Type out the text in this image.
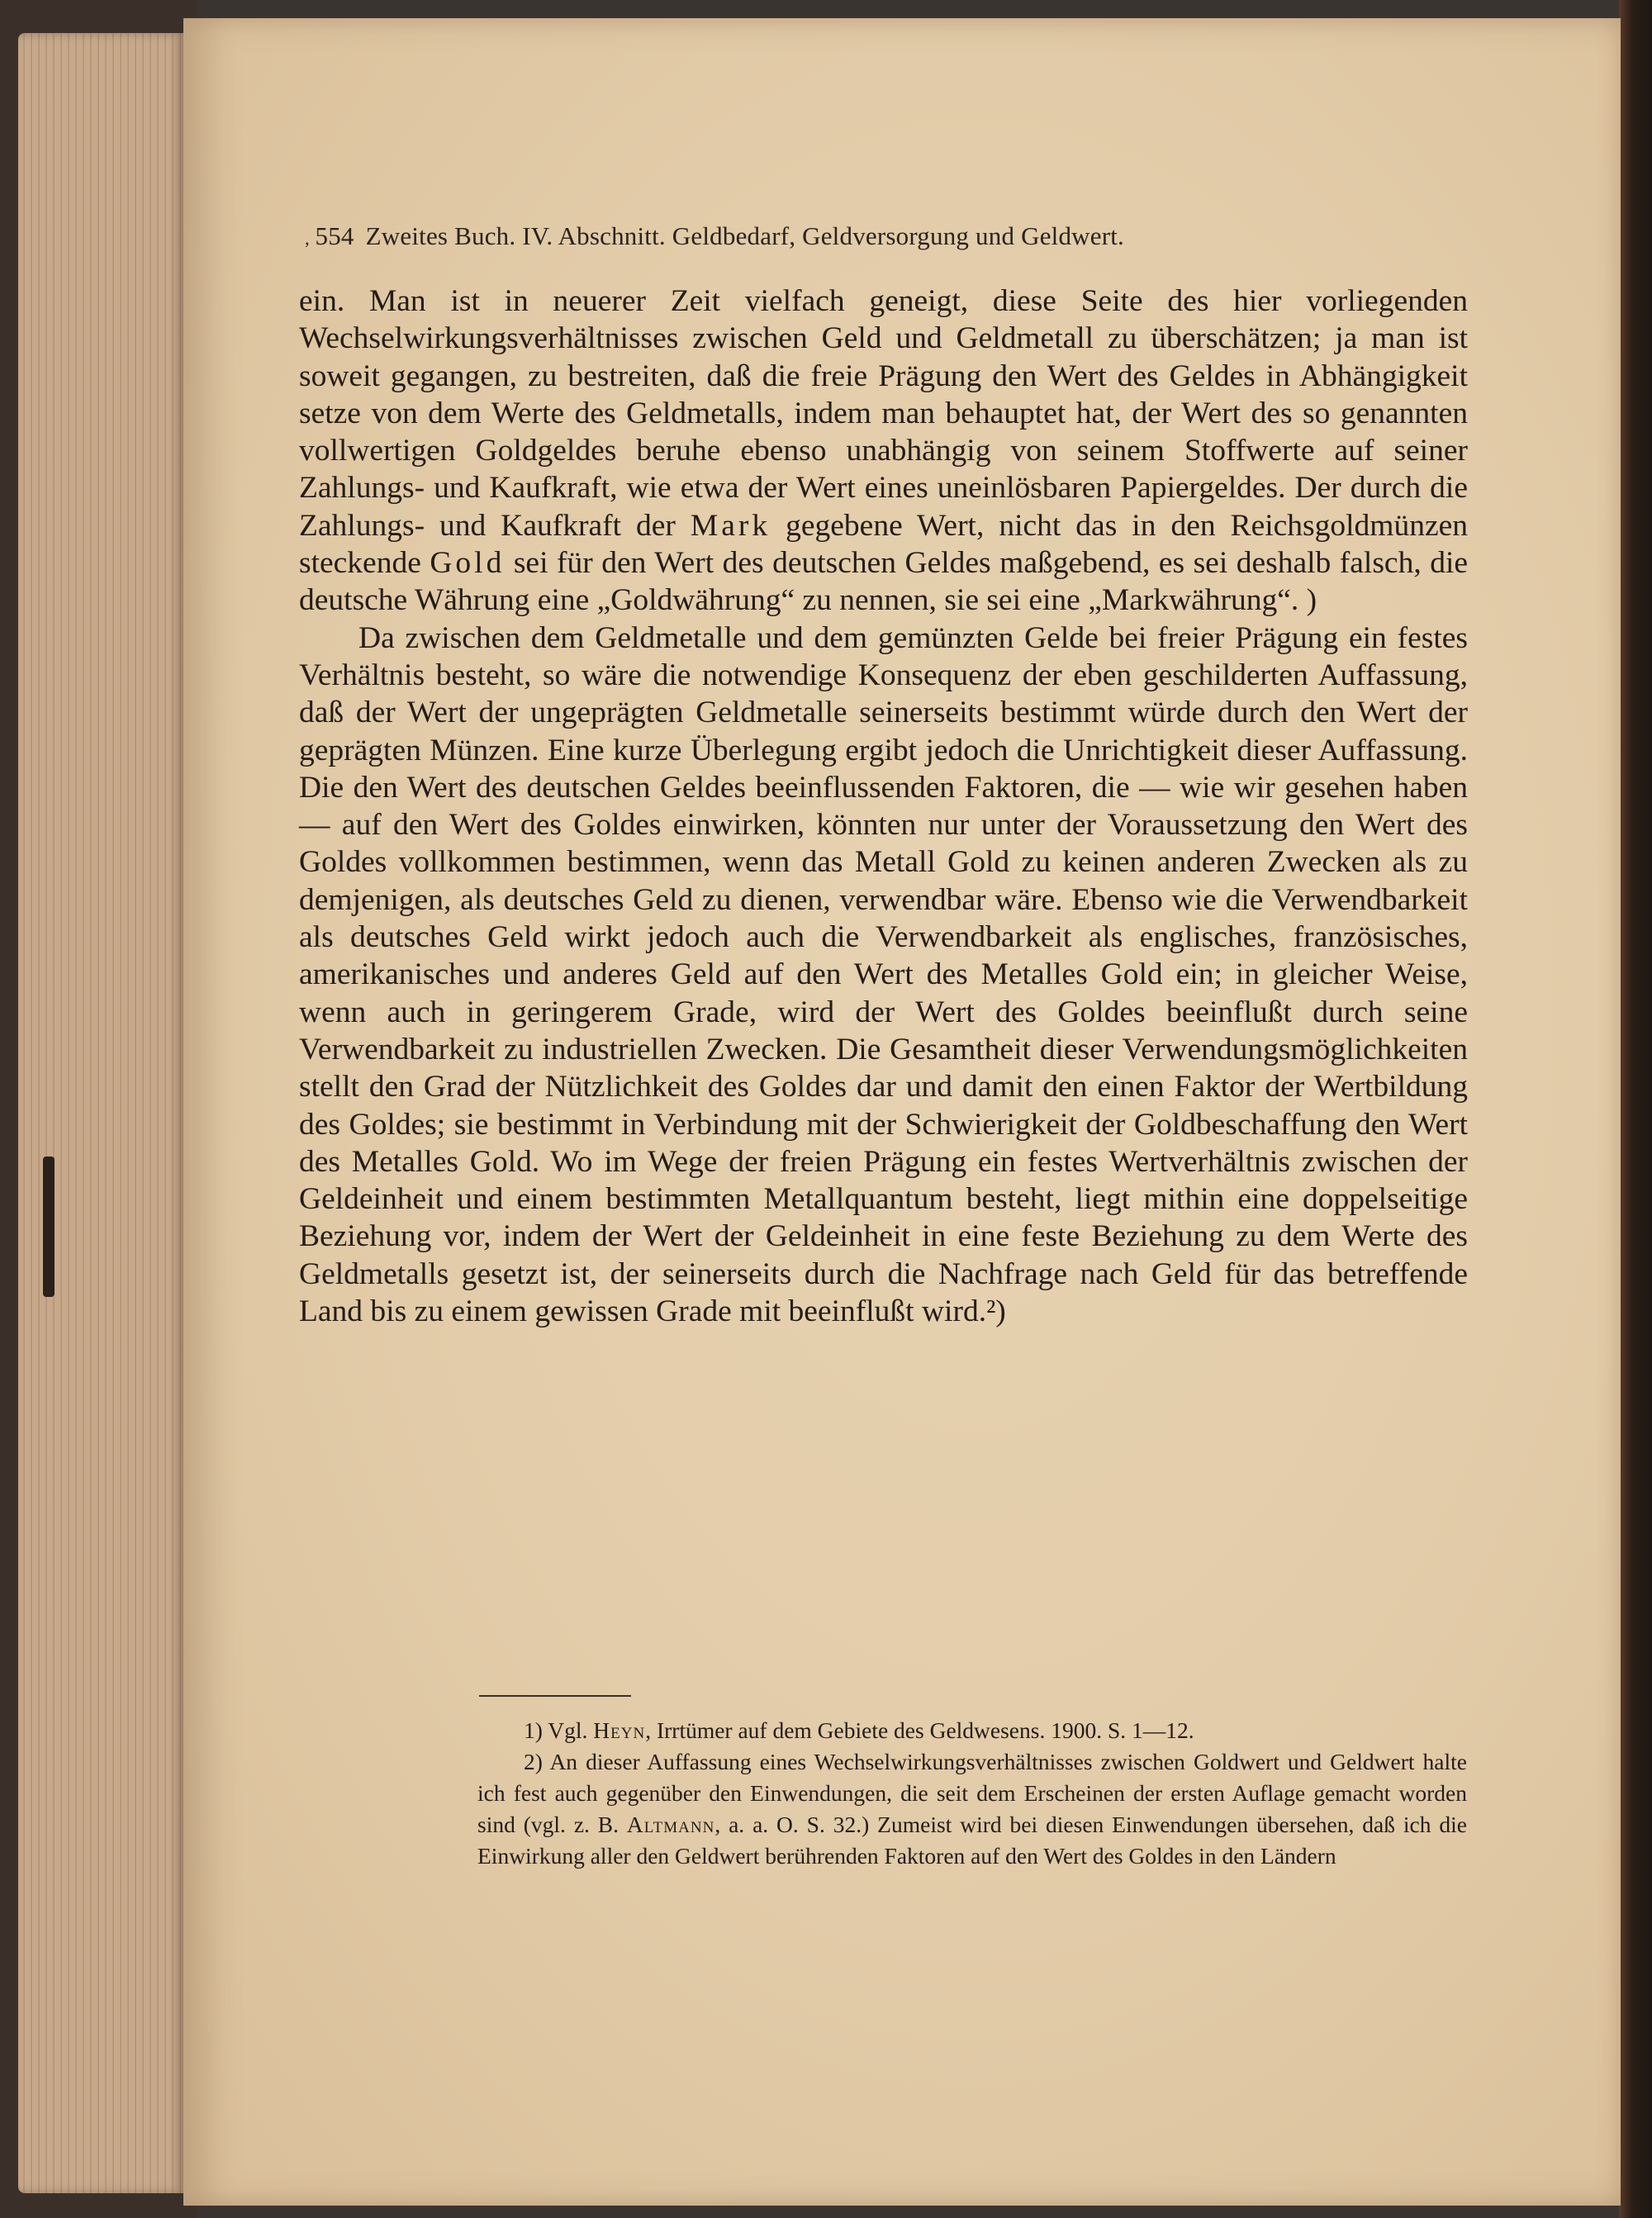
‚ 554 Zweites Buch. IV. Abschnitt. Geldbedarf, Geldversorgung und Geldwert.

ein. Man ist in neuerer Zeit vielfach geneigt, diese Seite des hier vorliegenden Wechselwirkungsverhältnisses zwischen Geld und Geldmetall zu überschätzen; ja man ist soweit gegangen, zu bestreiten, daß die freie Prägung den Wert des Geldes in Abhängigkeit setze von dem Werte des Geldmetalls, indem man behauptet hat, der Wert des so genannten vollwertigen Goldgeldes beruhe ebenso unabhängig von seinem Stoffwerte auf seiner Zahlungs- und Kaufkraft, wie etwa der Wert eines uneinlösbaren Papiergeldes. Der durch die Zahlungs- und Kaufkraft der Mark gegebene Wert, nicht das in den Reichsgoldmünzen steckende Gold sei für den Wert des deutschen Geldes maßgebend, es sei deshalb falsch, die deutsche Währung eine „Goldwährung“ zu nennen, sie sei eine „Markwährung“. )

Da zwischen dem Geldmetalle und dem gemünzten Gelde bei freier Prägung ein festes Verhältnis besteht, so wäre die notwendige Konsequenz der eben geschilderten Auffassung, daß der Wert der ungeprägten Geldmetalle seinerseits bestimmt würde durch den Wert der geprägten Münzen. Eine kurze Überlegung ergibt jedoch die Unrichtigkeit dieser Auffassung. Die den Wert des deutschen Geldes beeinflussenden Faktoren, die — wie wir gesehen haben — auf den Wert des Goldes einwirken, könnten nur unter der Voraussetzung den Wert des Goldes vollkommen bestimmen, wenn das Metall Gold zu keinen anderen Zwecken als zu demjenigen, als deutsches Geld zu dienen, verwendbar wäre. Ebenso wie die Verwendbarkeit als deutsches Geld wirkt jedoch auch die Verwendbarkeit als englisches, französisches, amerikanisches und anderes Geld auf den Wert des Metalles Gold ein; in gleicher Weise, wenn auch in geringerem Grade, wird der Wert des Goldes beeinflußt durch seine Verwendbarkeit zu industriellen Zwecken. Die Gesamtheit dieser Verwendungsmöglichkeiten stellt den Grad der Nützlichkeit des Goldes dar und damit den einen Faktor der Wertbildung des Goldes; sie bestimmt in Verbindung mit der Schwierigkeit der Goldbeschaffung den Wert des Metalles Gold. Wo im Wege der freien Prägung ein festes Wertverhältnis zwischen der Geldeinheit und einem bestimmten Metallquantum besteht, liegt mithin eine doppelseitige Beziehung vor, indem der Wert der Geldeinheit in eine feste Beziehung zu dem Werte des Geldmetalls gesetzt ist, der seinerseits durch die Nachfrage nach Geld für das betreffende Land bis zu einem gewissen Grade mit beeinflußt wird.²)

1) Vgl. Heyn, Irrtümer auf dem Gebiete des Geldwesens. 1900. S. 1—12.

2) An dieser Auffassung eines Wechselwirkungsverhältnisses zwischen Goldwert und Geldwert halte ich fest auch gegenüber den Einwendungen, die seit dem Erscheinen der ersten Auflage gemacht worden sind (vgl. z. B. Altmann, a. a. O. S. 32.) Zumeist wird bei diesen Einwendungen übersehen, daß ich die Einwirkung aller den Geldwert berührenden Faktoren auf den Wert des Goldes in den Ländern
